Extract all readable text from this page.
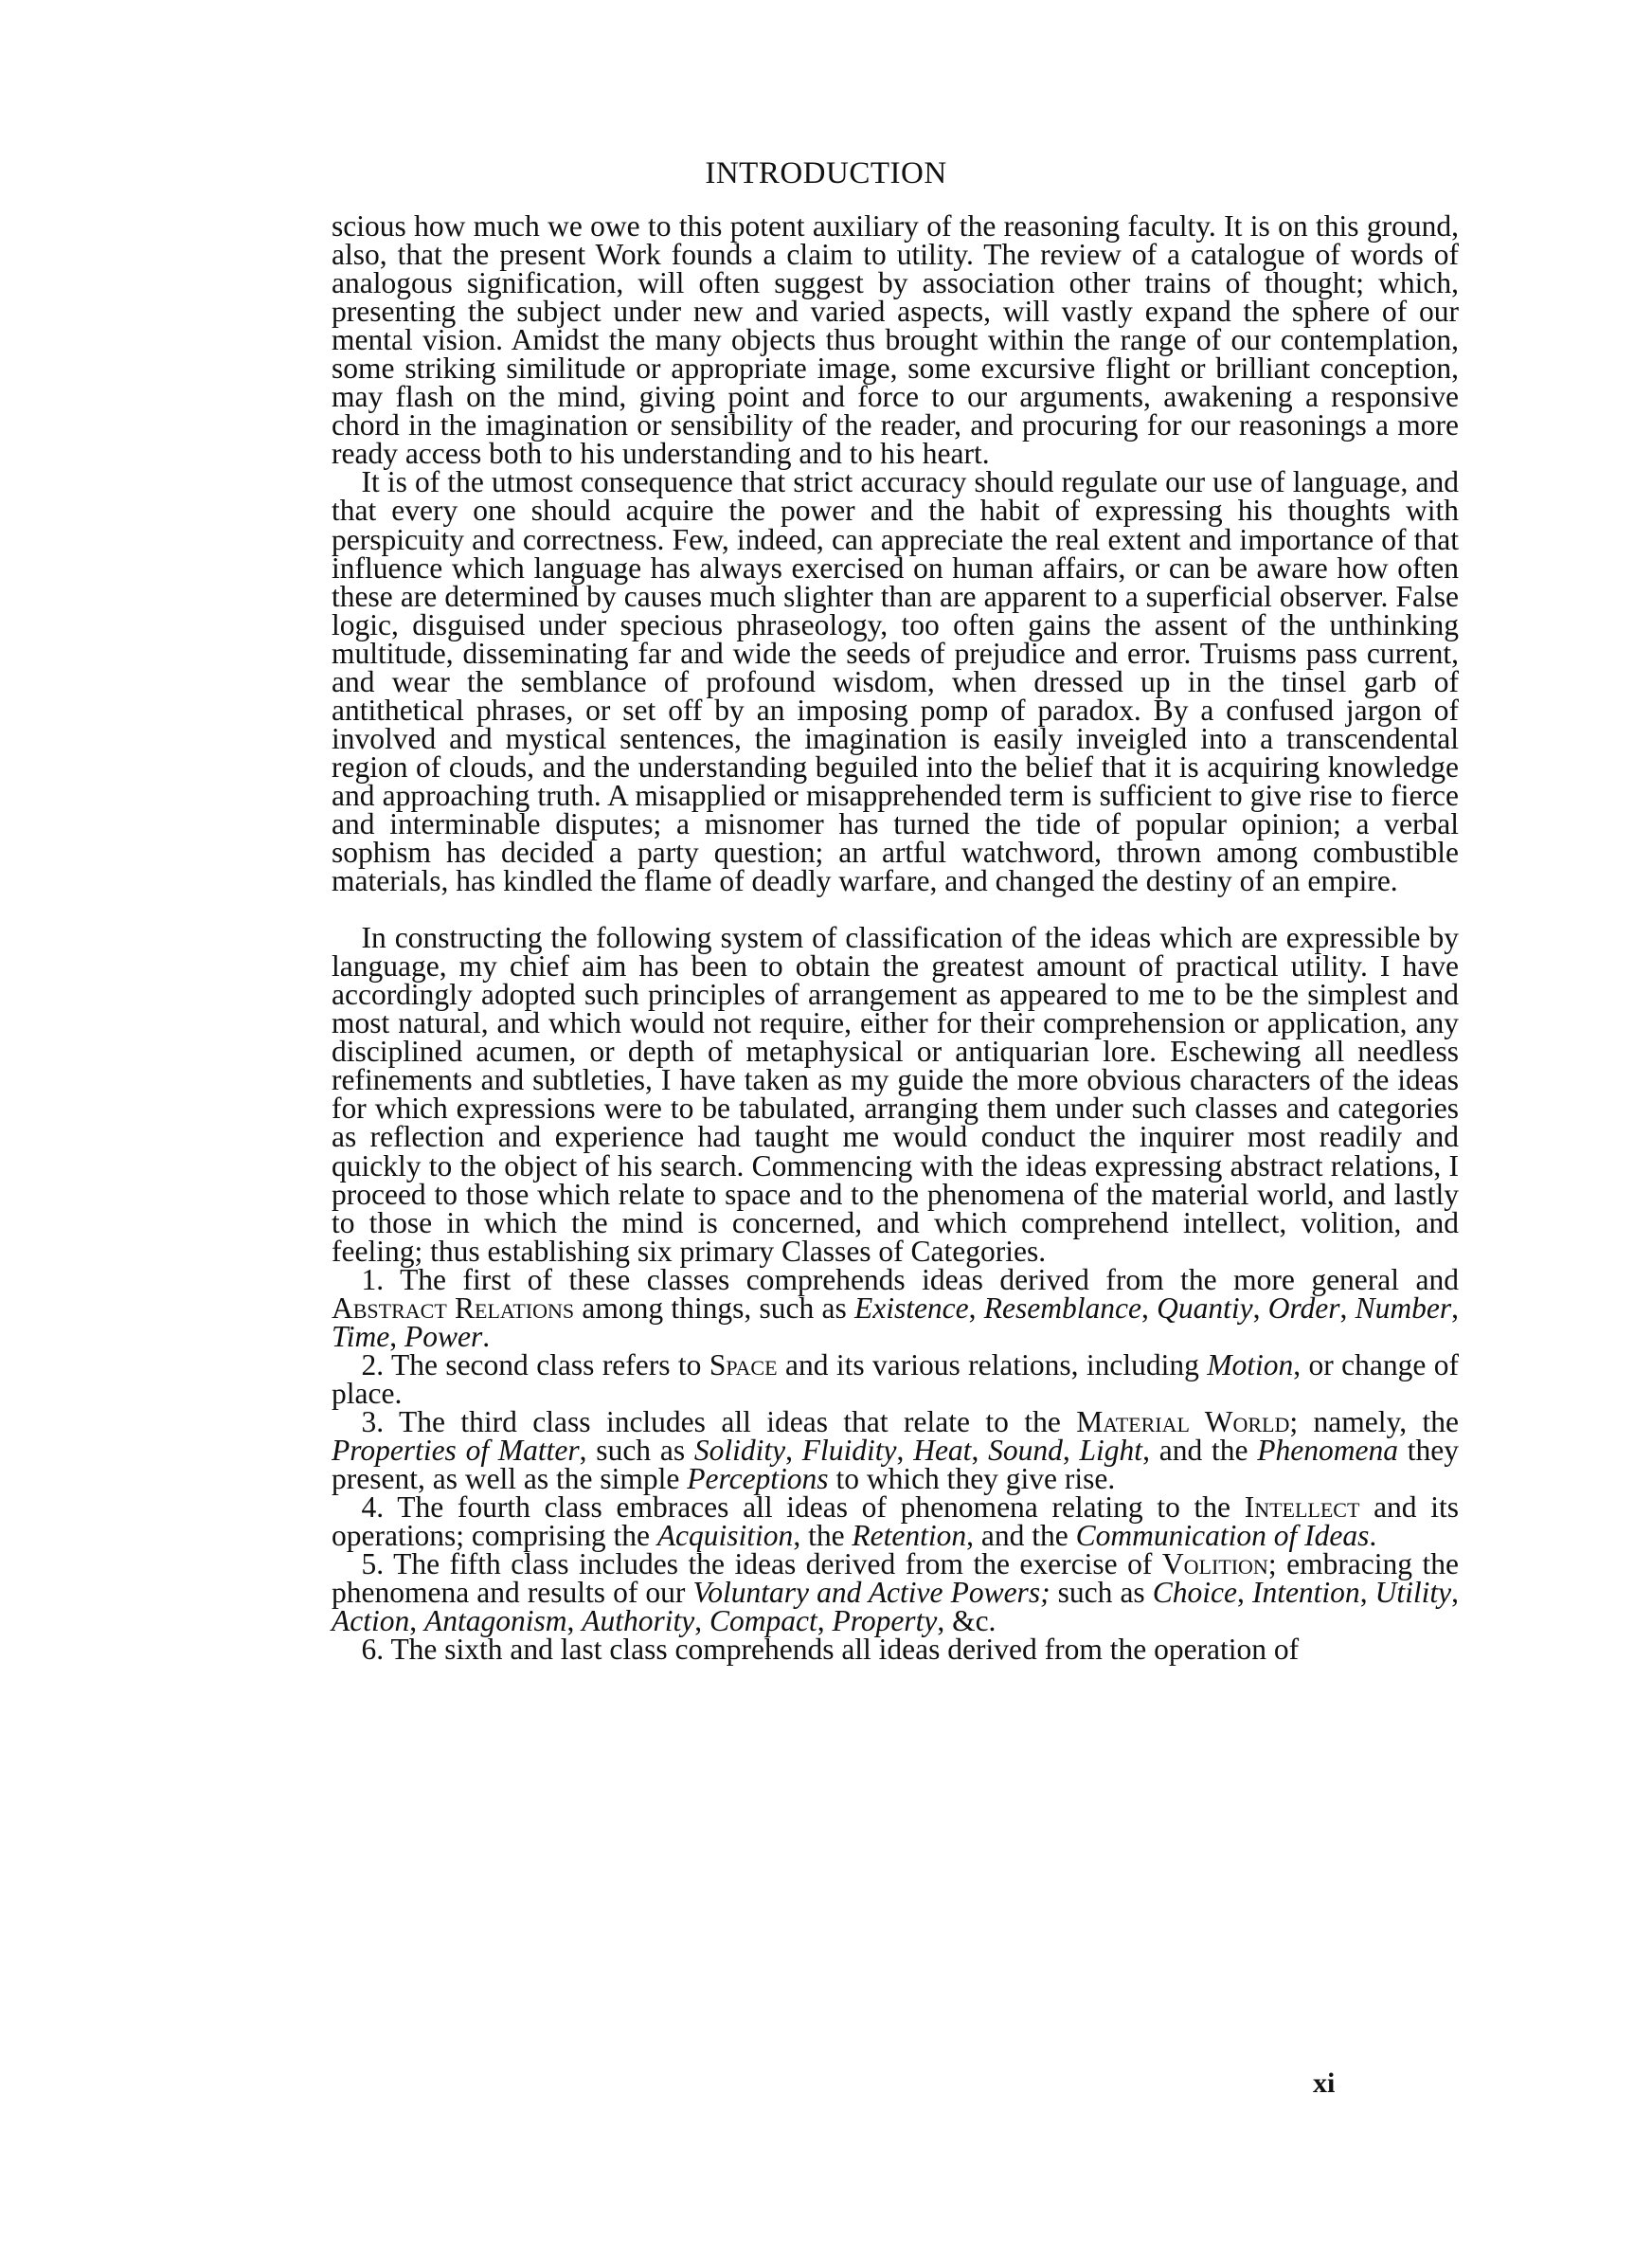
INTRODUCTION

scious how much we owe to this potent auxiliary of the reasoning faculty. It is on this ground, also, that the present Work founds a claim to utility. The review of a catalogue of words of analogous signification, will often suggest by association other trains of thought; which, presenting the subject under new and varied aspects, will vastly expand the sphere of our mental vision. Amidst the many objects thus brought within the range of our contemplation, some striking similitude or appropriate image, some excursive flight or brilliant conception, may flash on the mind, giving point and force to our arguments, awakening a responsive chord in the imagination or sensibility of the reader, and procuring for our reasonings a more ready access both to his understanding and to his heart.

It is of the utmost consequence that strict accuracy should regulate our use of language, and that every one should acquire the power and the habit of expressing his thoughts with perspicuity and correctness. Few, indeed, can appreciate the real extent and importance of that influence which language has always exercised on human affairs, or can be aware how often these are determined by causes much slighter than are apparent to a superficial observer. False logic, disguised under specious phraseology, too often gains the assent of the unthinking multitude, disseminating far and wide the seeds of prejudice and error. Truisms pass current, and wear the semblance of profound wisdom, when dressed up in the tinsel garb of antithetical phrases, or set off by an imposing pomp of paradox. By a confused jargon of involved and mystical sentences, the imagination is easily inveigled into a transcendental region of clouds, and the understanding beguiled into the belief that it is acquiring knowledge and approaching truth. A misapplied or misapprehended term is sufficient to give rise to fierce and interminable disputes; a misnomer has turned the tide of popular opinion; a verbal sophism has decided a party question; an artful watchword, thrown among combustible materials, has kindled the flame of deadly warfare, and changed the destiny of an empire.

In constructing the following system of classification of the ideas which are expressible by language, my chief aim has been to obtain the greatest amount of practical utility. I have accordingly adopted such principles of arrangement as appeared to me to be the simplest and most natural, and which would not require, either for their comprehension or application, any disciplined acumen, or depth of metaphysical or antiquarian lore. Eschewing all needless refinements and subtleties, I have taken as my guide the more obvious characters of the ideas for which expressions were to be tabulated, arranging them under such classes and categories as reflection and experience had taught me would conduct the inquirer most readily and quickly to the object of his search. Commencing with the ideas expressing abstract relations, I proceed to those which relate to space and to the phenomena of the material world, and lastly to those in which the mind is concerned, and which comprehend intellect, volition, and feeling; thus establishing six primary Classes of Categories.

1. The first of these classes comprehends ideas derived from the more general and Abstract Relations among things, such as Existence, Resemblance, Quantiy, Order, Number, Time, Power.

2. The second class refers to Space and its various relations, including Motion, or change of place.

3. The third class includes all ideas that relate to the Material World; namely, the Properties of Matter, such as Solidity, Fluidity, Heat, Sound, Light, and the Phenomena they present, as well as the simple Perceptions to which they give rise.

4. The fourth class embraces all ideas of phenomena relating to the Intellect and its operations; comprising the Acquisition, the Retention, and the Communication of Ideas.

5. The fifth class includes the ideas derived from the exercise of Volition; embracing the phenomena and results of our Voluntary and Active Powers; such as Choice, Intention, Utility, Action, Antagonism, Authority, Compact, Property, &c.

6. The sixth and last class comprehends all ideas derived from the operation of

xi
